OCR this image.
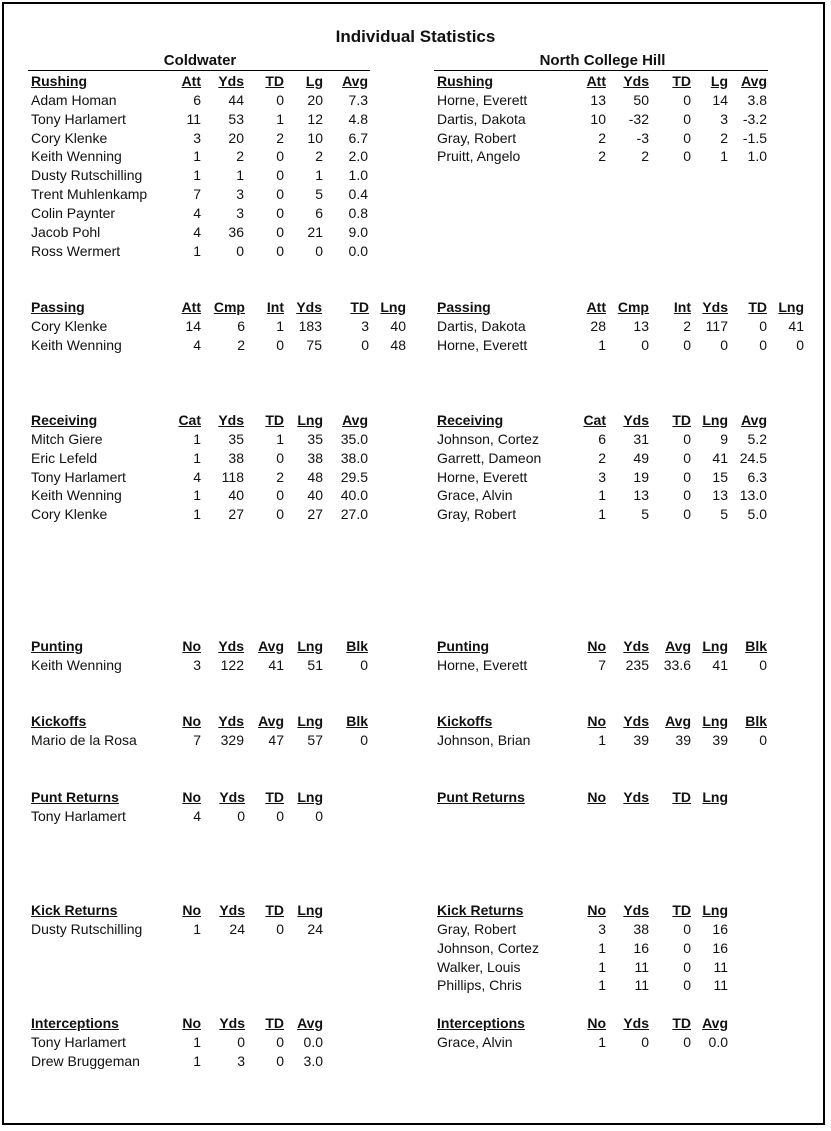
Individual Statistics
Coldwater	North College Hill
Rushing	Att Yds TD Lg Avg
Adam Homan	6 44 0 20 7.3
Tony Harlamert	11 53 1 12 4.8
Cory Klenke	3 20 2 10 6.7
Keith Wenning	1	2 0 2 2.0
Dusty Rutschilling	1	1 0 1 1.0
Trent Muhlenkamp	7	3 0 5 0.4
Colin Paynter	4	3 0 6 0.8
Jacob Pohl	4 36 0 21 9.0
Ross Wermert	1	0 0 0 0.0
Rushing	Att Yds TD Lg Avg
Horne, Everett	13 50 0 14 3.8
Dartis, Dakota	10 -32 0 3 -3.2
Gray, Robert	2 -3 0 2 -1.5
Pruitt, Angelo	2	2 0 1 1.0
Passing	Att Cmp Int Yds TD Lng
Cory Klenke	14	6 1 183	3 40
Keith Wenning	4	2 0 75	0 48
Passing	Att Cmp Int Yds TD Lng
Dartis, Dakota	28 13 2 117 0 41
Horne, Everett	1	0 0 0 0 0
Receiving	Cat Yds TD Lng Avg
Mitch Giere	1 35 1 35 35.0
Eric Lefeld	1 38 0 38 38.0
Tony Harlamert	4 118 2 48 29.5
Keith Wenning	1 40 0 40 40.0
Cory Klenke	1 27 0 27 27.0
Receiving	Cat Yds TD Lng Avg
Johnson, Cortez	6 31 0 9 5.2
Garrett, Dameon	2 49 0 41 24.5
Horne, Everett	3 19 0 15 6.3
Grace, Alvin	1 13 0 13 13.0
Gray, Robert	1	5 0 5 5.0
Punting	No Yds Avg Lng Blk
Keith Wenning	3 122 41 51	0
Punting	No Yds Avg Lng Blk
Horne, Everett	7 235 33.6 41 0
Kickoffs	No Yds Avg Lng Blk
Mario de la Rosa	7 329 47 57	0
Kickoffs	No Yds Avg Lng Blk
Johnson, Brian	1 39 39 39 0
Punt Returns	No Yds TD Lng
Tony Harlamert	4	0 0 0
Punt Returns	No Yds TD Lng
Kick Returns	No Yds TD Lng
Dusty Rutschilling	1 24 0 24
Kick Returns	No Yds TD Lng
Gray, Robert	3 38 0 16
Johnson, Cortez	1 16 0 16
Walker, Louis	1 11 0 11
Phillips, Chris	1 11 0 11
Interceptions	No Yds TD Avg
Tony Harlamert	1	0 0 0.0
Drew Bruggeman	1	3 0 3.0
Interceptions	No Yds TD Avg
Grace, Alvin	1	0 0 0.0
